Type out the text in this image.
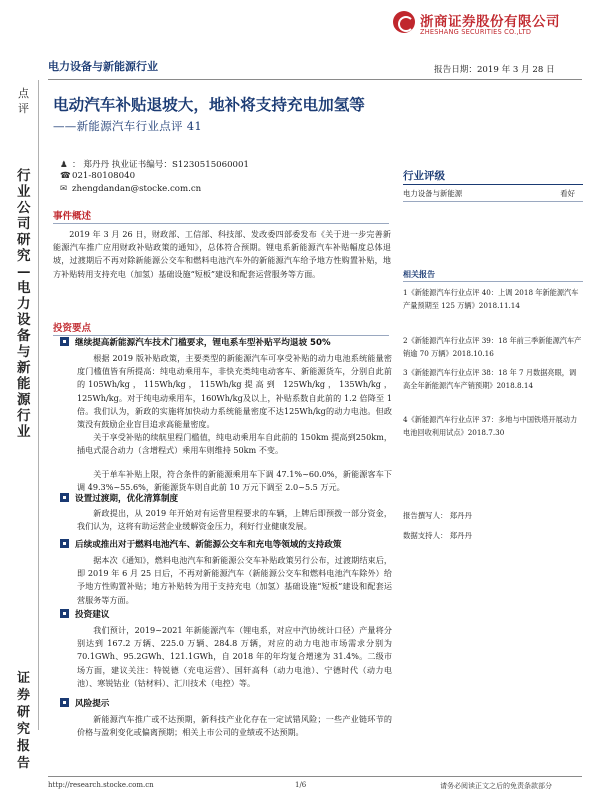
浙商证券股份有限公司
ZHESHANG SECURITIES CO.,LTD
电力设备与新能源行业	报告日期：2019 年 3 月 28 日
点评
行业公司研究—电力设备与新能源行业
证券研究报告
电动汽车补贴退坡大，地补将支持充电加氢等
——新能源汽车行业点评 41
♟ ： 郑丹丹 执业证书编号：S1230515060001
☎021-80108040
✉ zhengdandan@stocke.com.cn
事件概述
2019 年 3 月 26 日，财政部、工信部、科技部、发改委四部委发布《关于进一步完善新能源汽车推广应用财政补贴政策的通知》，总体符合预期。锂电系新能源汽车补贴幅度总体退坡，过渡期后不再对除新能源公交车和燃料电池汽车外的新能源汽车给予地方性购置补贴，地方补贴转用支持充电（加氢）基础设施“短板”建设和配套运营服务等方面。
投资要点
继续提高新能源汽车技术门槛要求，锂电系车型补贴平均退坡 50%
根据 2019 版补贴政策，主要类型的新能源汽车可享受补贴的动力电池系统能量密度门槛值皆有所提高：纯电动乘用车，非快充类纯电动客车、新能源货车，分别自此前的105Wh/kg，115Wh/kg，115Wh/kg提高到 125Wh/kg，135Wh/kg，125Wh/kg。对于纯电动乘用车，160Wh/kg及以上，补贴系数自此前的 1.2 倍降至 1 倍。我们认为，新政的实施将加快动力系统能量密度不达125Wh/kg的动力电池。但政策没有鼓励企业盲目追求高能量密度。
关于享受补贴的续航里程门槛值，纯电动乘用车自此前的 150km 提高到250km，插电式混合动力（含增程式）乘用车则维持 50km 不变。
关于单车补贴上限，符合条件的新能源乘用车下调 47.1%~60.0%，新能源客车下调 49.3%~55.6%，新能源货车则自此前 10 万元下调至 2.0~5.5 万元。
设置过渡期，优化清算制度
新政提出，从 2019 年开始对有运营里程要求的车辆，上牌后即预拨一部分资金，我们认为，这将有助运营企业缓解资金压力，利好行业健康发展。
后续或推出对于燃料电池汽车、新能源公交车和充电等领域的支持政策
据本次《通知》，燃料电池汽车和新能源公交车补贴政策另行公布，过渡期结束后，即 2019 年 6 月 25 日后，不再对新能源汽车（新能源公交车和燃料电池汽车除外）给予地方性购置补贴；地方补贴转为用于支持充电（加氢）基础设施“短板”建设和配套运营服务等方面。
投资建议
我们预计，2019~2021 年新能源汽车（锂电系，对应中汽协统计口径）产量将分别达到 167.2 万辆、225.0 万辆、284.8 万辆，对应的动力电池市场需求分别为 70.1GWh、95.2GWh、121.1GWh，自 2018 年的年均复合增速为 31.4%。二级市场方面，建议关注：特锐德（充电运营）、国轩高科（动力电池）、宁德时代（动力电池）、寒锐钴业（钴材料）、汇川技术（电控）等。
风险提示
新能源汽车推广或不达预期，新科技产业化存在一定试错风险；一些产业链环节的价格与盈利变化或偏离预期；相关上市公司的业绩或不达预期。
行业评级
电力设备与新能源	看好
相关报告
1《新能源汽车行业点评 40：上调 2018 年新能源汽车产量预期至 125 万辆》2018.11.14
2《新能源汽车行业点评 39：18 年前三季新能源汽车产销逾 70 万辆》2018.10.16
3《新能源汽车行业点评 38：18 年 7 月数据亮眼，调高全年新能源汽车产销预期》2018.8.14
4《新能源汽车行业点评 37：多地与中国铁塔开展动力电池回收利用试点》2018.7.30
报告撰写人： 郑丹丹
数据支持人： 郑丹丹
http://research.stocke.com.cn	1/6	请务必阅读正文之后的免责条款部分
